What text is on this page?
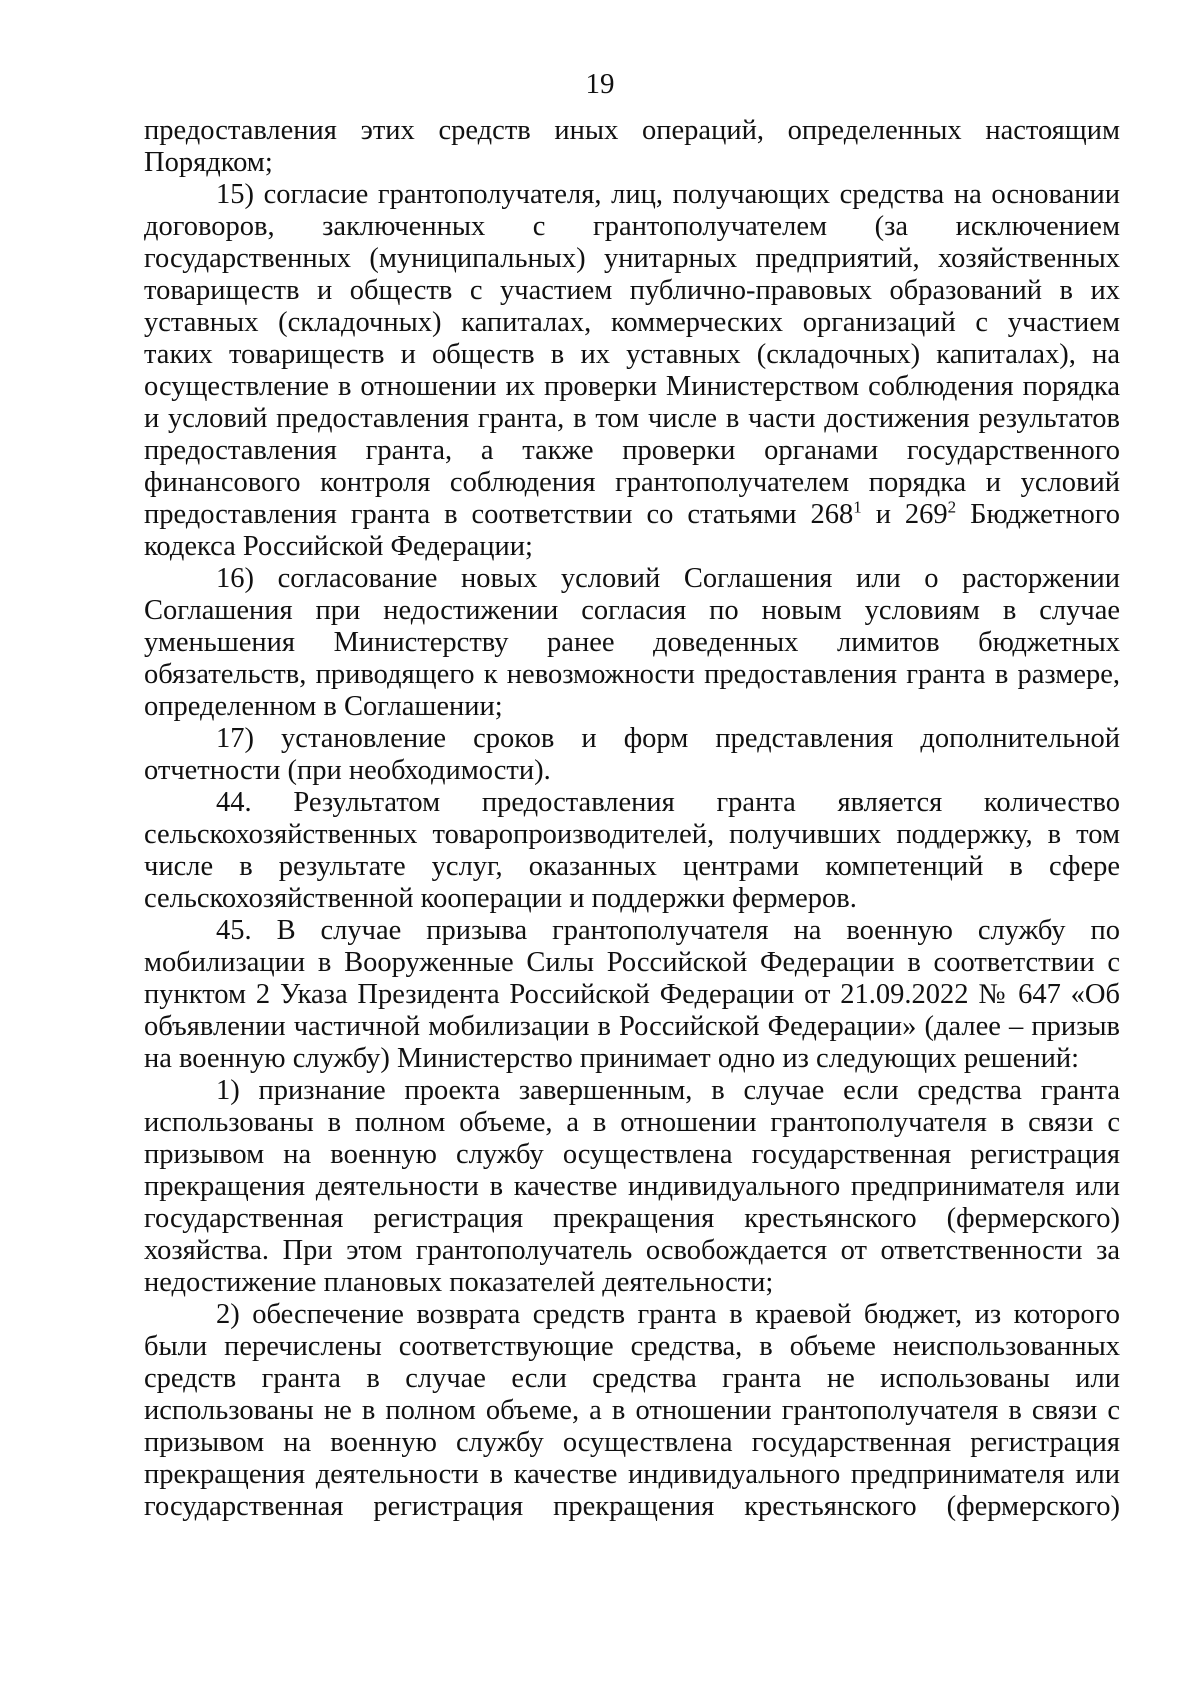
19

предоставления этих средств иных операций, определенных настоящим Порядком;

15) согласие грантополучателя, лиц, получающих средства на основании договоров, заключенных с грантополучателем (за исключением государственных (муниципальных) унитарных предприятий, хозяйственных товариществ и обществ с участием публично-правовых образований в их уставных (складочных) капиталах, коммерческих организаций с участием таких товариществ и обществ в их уставных (складочных) капиталах), на осуществление в отношении их проверки Министерством соблюдения порядка и условий предоставления гранта, в том числе в части достижения результатов предоставления гранта, а также проверки органами государственного финансового контроля соблюдения грантополучателем порядка и условий предоставления гранта в соответствии со статьями $268^1$ и $269^2$ Бюджетного кодекса Российской Федерации;

16) согласование новых условий Соглашения или о расторжении Соглашения при недостижении согласия по новым условиям в случае уменьшения Министерству ранее доведенных лимитов бюджетных обязательств, приводящего к невозможности предоставления гранта в размере, определенном в Соглашении;

17) установление сроков и форм представления дополнительной отчетности (при необходимости).

44. Результатом предоставления гранта является количество сельскохозяйственных товаропроизводителей, получивших поддержку, в том числе в результате услуг, оказанных центрами компетенций в сфере сельскохозяйственной кооперации и поддержки фермеров.

45. В случае призыва грантополучателя на военную службу по мобилизации в Вооруженные Силы Российской Федерации в соответствии с пунктом 2 Указа Президента Российской Федерации от 21.09.2022 № 647 «Об объявлении частичной мобилизации в Российской Федерации» (далее – призыв на военную службу) Министерство принимает одно из следующих решений:

1) признание проекта завершенным, в случае если средства гранта использованы в полном объеме, а в отношении грантополучателя в связи с призывом на военную службу осуществлена государственная регистрация прекращения деятельности в качестве индивидуального предпринимателя или государственная регистрация прекращения крестьянского (фермерского) хозяйства. При этом грантополучатель освобождается от ответственности за недостижение плановых показателей деятельности;

2) обеспечение возврата средств гранта в краевой бюджет, из которого были перечислены соответствующие средства, в объеме неиспользованных средств гранта в случае если средства гранта не использованы или использованы не в полном объеме, а в отношении грантополучателя в связи с призывом на военную службу осуществлена государственная регистрация прекращения деятельности в качестве индивидуального предпринимателя или государственная регистрация прекращения крестьянского (фермерского)
